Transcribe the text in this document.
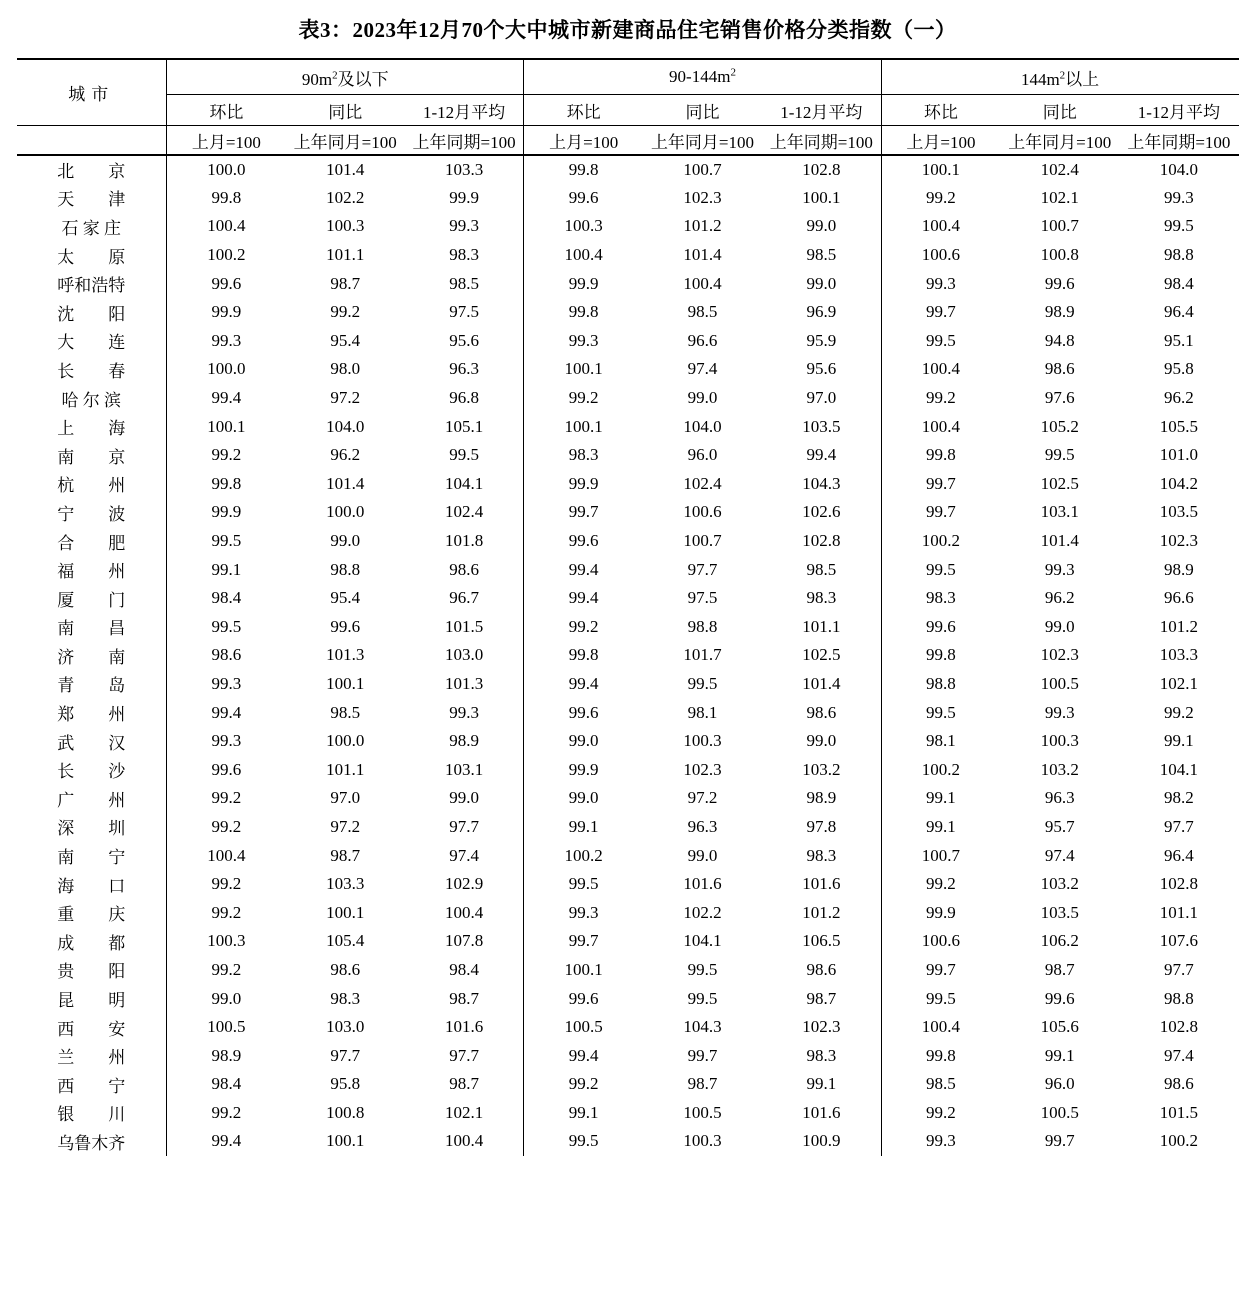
表3：2023年12月70个大中城市新建商品住宅销售价格分类指数（一）
城市	$90m^2$及以下			$90-144m^2$			$144m^2$以上		
	环比	同比	1-12月平均	环比	同比	1-12月平均	环比	同比	1-12月平均
	上月=100	上年同月=100	上年同期=100	上月=100	上年同月=100	上年同期=100	上月=100	上年同月=100	上年同期=100
北　　京	100.0	101.4	103.3	99.8	100.7	102.8	100.1	102.4	104.0
天　　津	99.8	102.2	99.9	99.6	102.3	100.1	99.2	102.1	99.3
石 家 庄	100.4	100.3	99.3	100.3	101.2	99.0	100.4	100.7	99.5
太　　原	100.2	101.1	98.3	100.4	101.4	98.5	100.6	100.8	98.8
呼和浩特	99.6	98.7	98.5	99.9	100.4	99.0	99.3	99.6	98.4
沈　　阳	99.9	99.2	97.5	99.8	98.5	96.9	99.7	98.9	96.4
大　　连	99.3	95.4	95.6	99.3	96.6	95.9	99.5	94.8	95.1
长　　春	100.0	98.0	96.3	100.1	97.4	95.6	100.4	98.6	95.8
哈 尔 滨	99.4	97.2	96.8	99.2	99.0	97.0	99.2	97.6	96.2
上　　海	100.1	104.0	105.1	100.1	104.0	103.5	100.4	105.2	105.5
南　　京	99.2	96.2	99.5	98.3	96.0	99.4	99.8	99.5	101.0
杭　　州	99.8	101.4	104.1	99.9	102.4	104.3	99.7	102.5	104.2
宁　　波	99.9	100.0	102.4	99.7	100.6	102.6	99.7	103.1	103.5
合　　肥	99.5	99.0	101.8	99.6	100.7	102.8	100.2	101.4	102.3
福　　州	99.1	98.8	98.6	99.4	97.7	98.5	99.5	99.3	98.9
厦　　门	98.4	95.4	96.7	99.4	97.5	98.3	98.3	96.2	96.6
南　　昌	99.5	99.6	101.5	99.2	98.8	101.1	99.6	99.0	101.2
济　　南	98.6	101.3	103.0	99.8	101.7	102.5	99.8	102.3	103.3
青　　岛	99.3	100.1	101.3	99.4	99.5	101.4	98.8	100.5	102.1
郑　　州	99.4	98.5	99.3	99.6	98.1	98.6	99.5	99.3	99.2
武　　汉	99.3	100.0	98.9	99.0	100.3	99.0	98.1	100.3	99.1
长　　沙	99.6	101.1	103.1	99.9	102.3	103.2	100.2	103.2	104.1
广　　州	99.2	97.0	99.0	99.0	97.2	98.9	99.1	96.3	98.2
深　　圳	99.2	97.2	97.7	99.1	96.3	97.8	99.1	95.7	97.7
南　　宁	100.4	98.7	97.4	100.2	99.0	98.3	100.7	97.4	96.4
海　　口	99.2	103.3	102.9	99.5	101.6	101.6	99.2	103.2	102.8
重　　庆	99.2	100.1	100.4	99.3	102.2	101.2	99.9	103.5	101.1
成　　都	100.3	105.4	107.8	99.7	104.1	106.5	100.6	106.2	107.6
贵　　阳	99.2	98.6	98.4	100.1	99.5	98.6	99.7	98.7	97.7
昆　　明	99.0	98.3	98.7	99.6	99.5	98.7	99.5	99.6	98.8
西　　安	100.5	103.0	101.6	100.5	104.3	102.3	100.4	105.6	102.8
兰　　州	98.9	97.7	97.7	99.4	99.7	98.3	99.8	99.1	97.4
西　　宁	98.4	95.8	98.7	99.2	98.7	99.1	98.5	96.0	98.6
银　　川	99.2	100.8	102.1	99.1	100.5	101.6	99.2	100.5	101.5
乌鲁木齐	99.4	100.1	100.4	99.5	100.3	100.9	99.3	99.7	100.2
